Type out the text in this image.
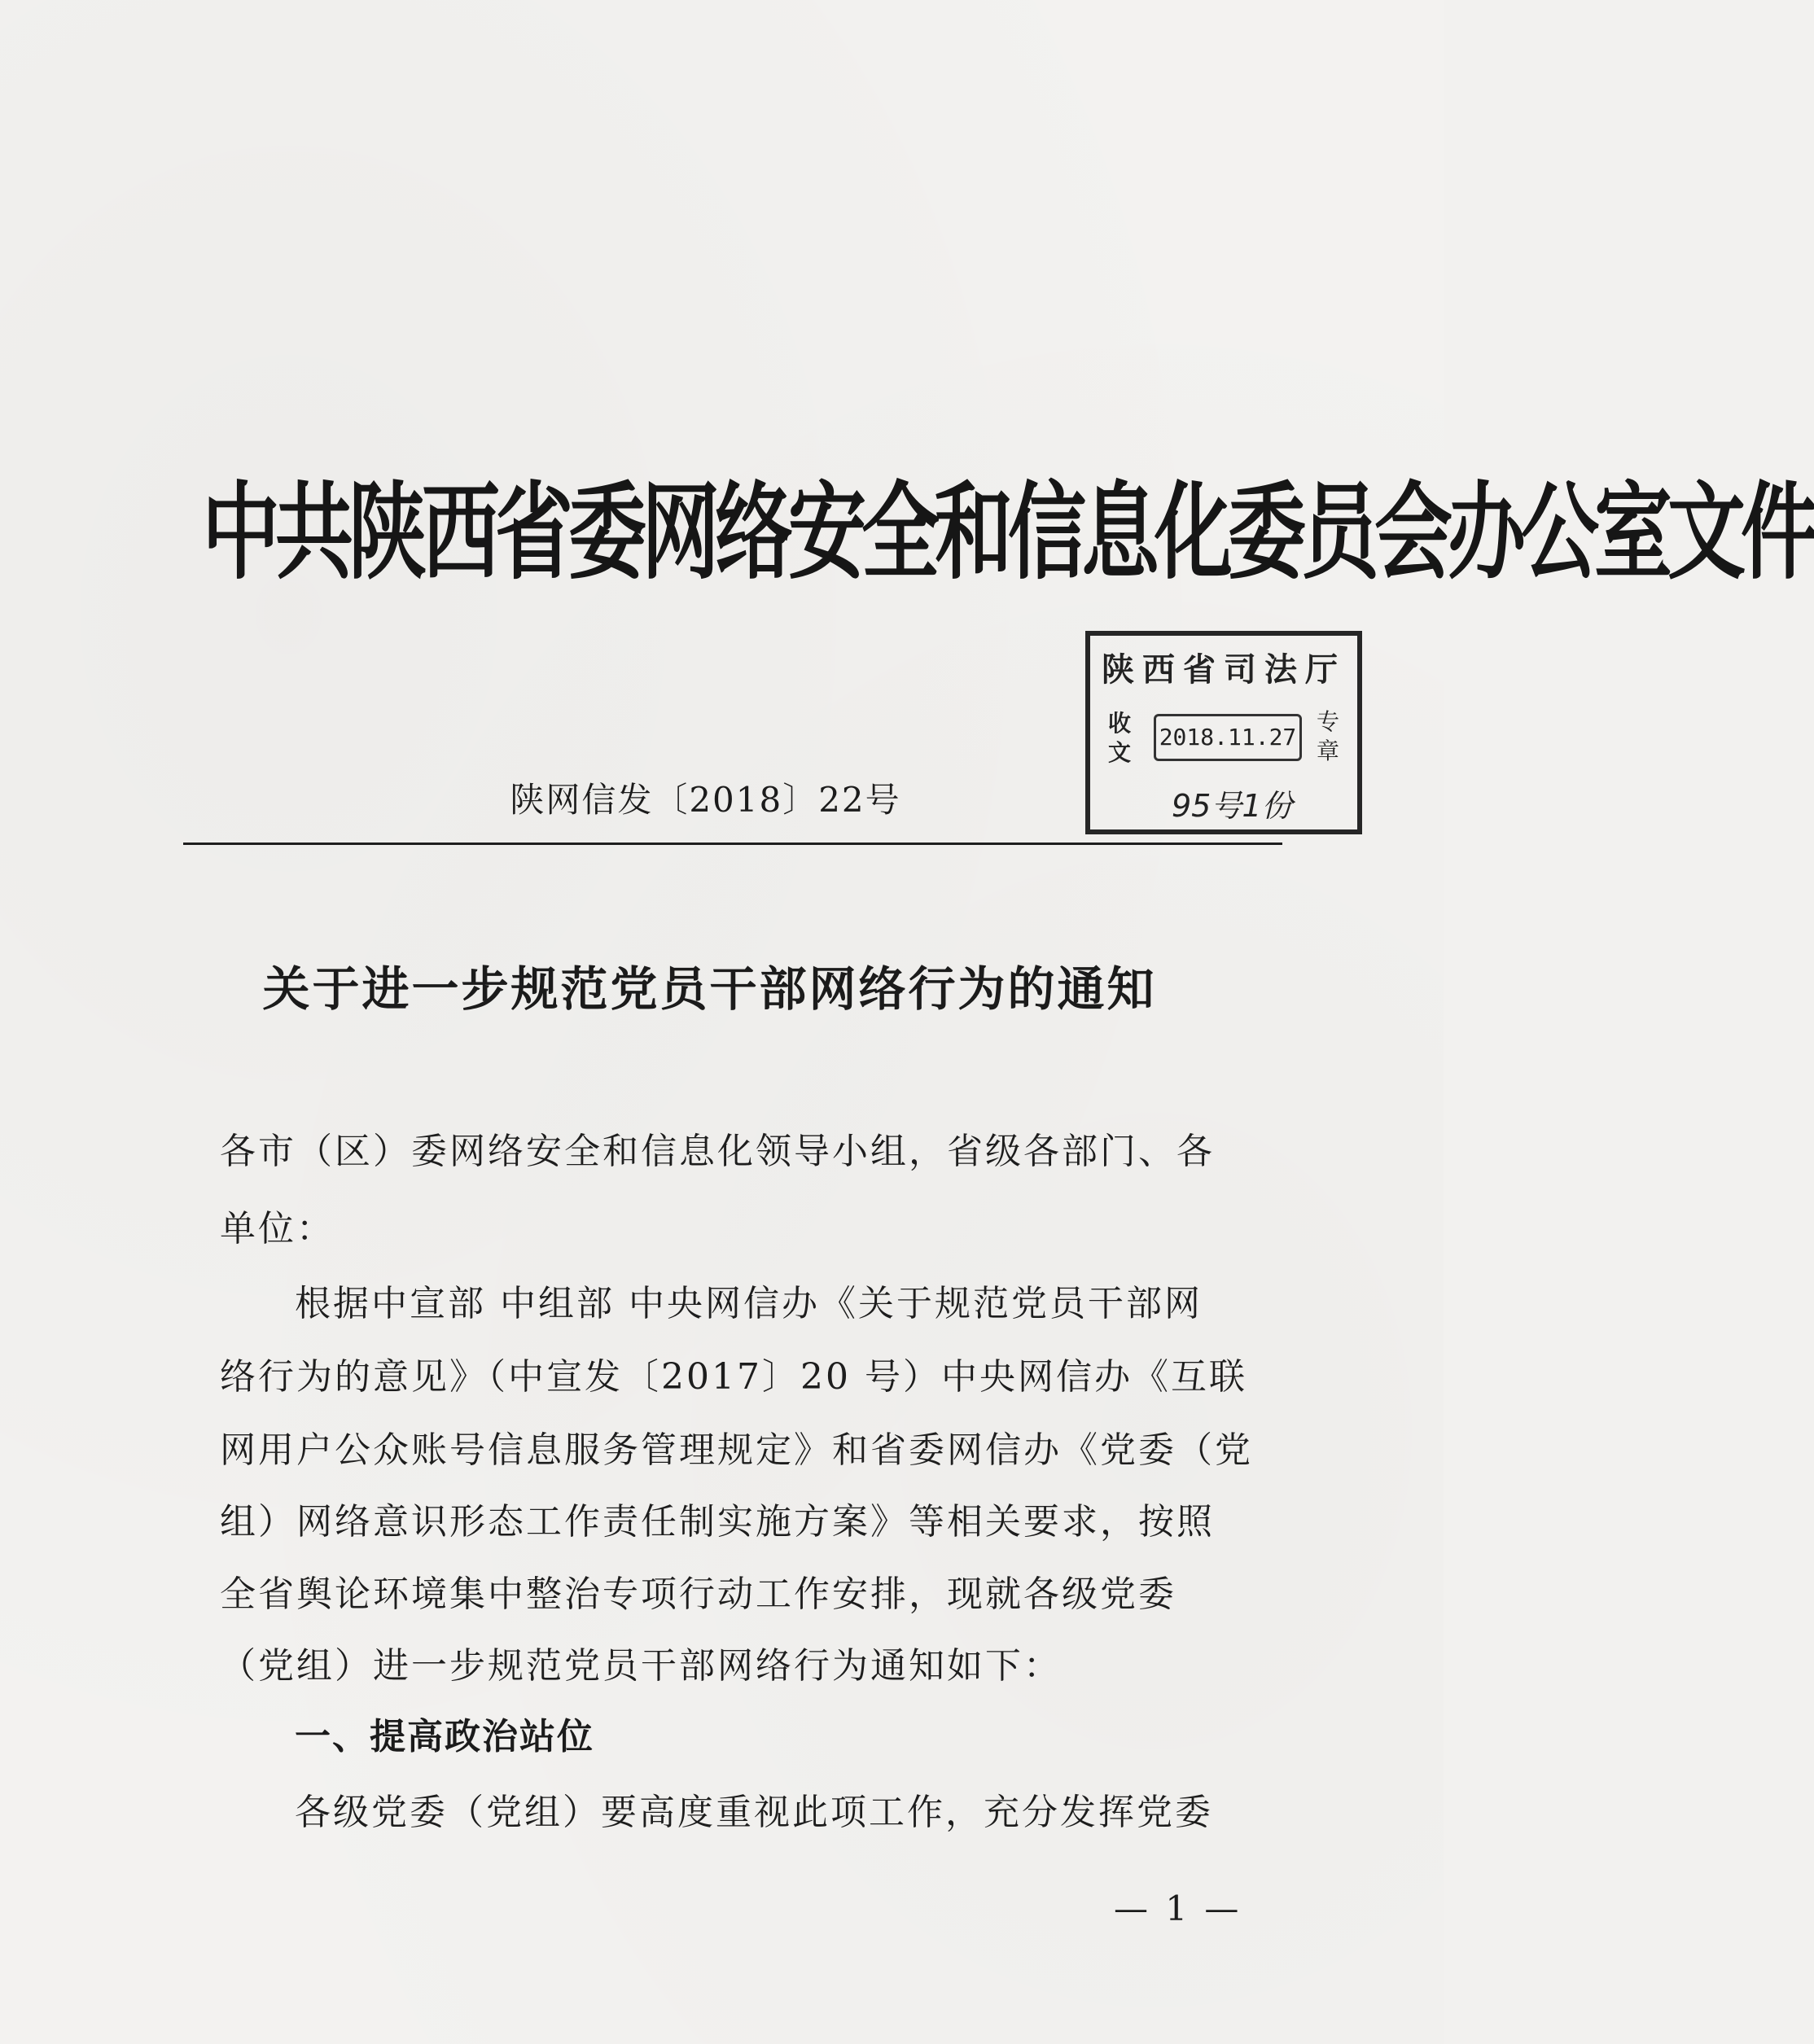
中共陕西省委网络安全和信息化委员会办公室文件
陕西省司法厅
收文
2018.11.27
专章
95号1份
陕网信发〔2018〕22号
关于进一步规范党员干部网络行为的通知
各市（区）委网络安全和信息化领导小组，省级各部门、各
单位：
根据中宣部 中组部 中央网信办《关于规范党员干部网
络行为的意见》（中宣发〔2017〕20 号）中央网信办《互联
网用户公众账号信息服务管理规定》和省委网信办《党委（党
组）网络意识形态工作责任制实施方案》等相关要求，按照
全省舆论环境集中整治专项行动工作安排，现就各级党委
（党组）进一步规范党员干部网络行为通知如下：
一、提高政治站位
各级党委（党组）要高度重视此项工作，充分发挥党委
— 1 —
